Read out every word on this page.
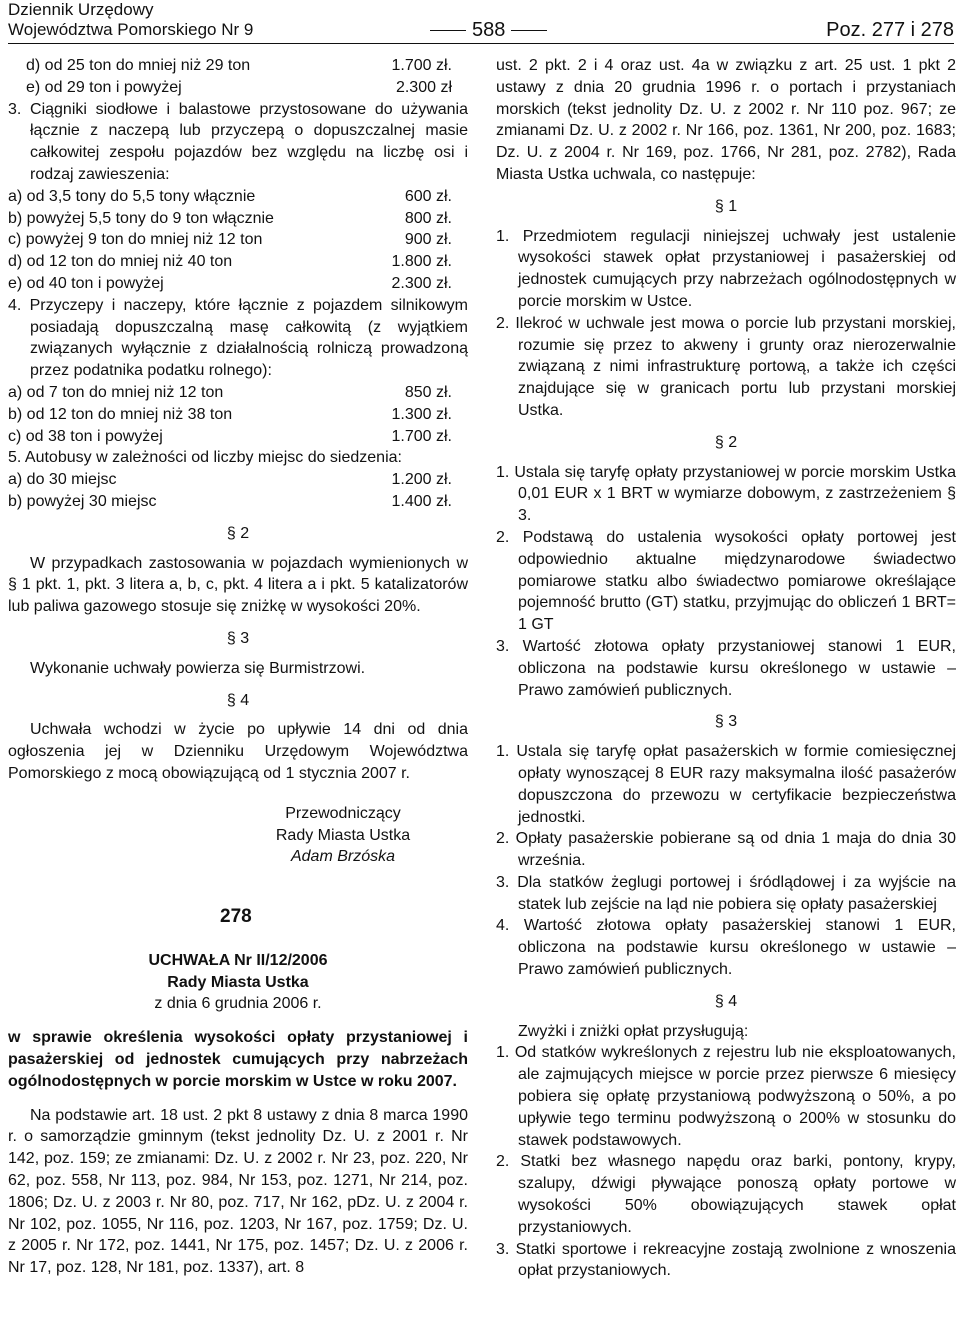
Dziennik Urzędowy
Województwa Pomorskiego Nr 9	588	Poz. 277 i 278
d) od 25 ton do mniej niż 29 ton	1.700 zł.
e) od 29 ton i powyżej	2.300 zł

3. Ciągniki siodłowe i balastowe przystosowane do używania łącznie z naczepą lub przyczepą o dopuszczalnej masie całkowitej zespołu pojazdów bez względu na liczbę osi i rodzaj zawieszenia:

a) od 3,5 tony do 5,5 tony włącznie	600 zł.
b) powyżej 5,5 tony do 9 ton włącznie	800 zł.
c) powyżej 9 ton do mniej niż 12 ton	900 zł.
d) od 12 ton do mniej niż 40 ton	1.800 zł.
e) od 40 ton i powyżej	2.300 zł.

4. Przyczepy i naczepy, które łącznie z pojazdem silnikowym posiadają dopuszczalną masę całkowitą (z wyjątkiem związanych wyłącznie z działalnością rolniczą prowadzoną przez podatnika podatku rolnego):

a) od 7 ton do mniej niż 12 ton	850 zł.
b) od 12 ton do mniej niż 38 ton	1.300 zł.
c) od 38 ton i powyżej	1.700 zł.

5. Autobusy w zależności od liczby miejsc do siedzenia:

a) do 30 miejsc	1.200 zł.
b) powyżej 30 miejsc	1.400 zł.
§ 2

W przypadkach zastosowania w pojazdach wymienionych w § 1 pkt. 1, pkt. 3 litera a, b, c, pkt. 4 litera a i pkt. 5 katalizatorów lub paliwa gazowego stosuje się zniżkę w wysokości 20%.

§ 3

Wykonanie uchwały powierza się Burmistrzowi.

§ 4

Uchwała wchodzi w życie po upływie 14 dni od dnia ogłoszenia jej w Dzienniku Urzędowym Województwa Pomorskiego z mocą obowiązującą od 1 stycznia 2007 r.

Przewodniczący
Rady Miasta Ustka
Adam Brzóska
278
UCHWAŁA Nr II/12/2006
Rady Miasta Ustka
z dnia 6 grudnia 2006 r.

w sprawie określenia wysokości opłaty przystaniowej i pasażerskiej od jednostek cumujących przy nabrzeżach ogólnodostępnych w porcie morskim w Ustce w roku 2007.

Na podstawie art. 18 ust. 2 pkt 8 ustawy z dnia 8 marca 1990 r. o samorządzie gminnym (tekst jednolity Dz. U. z 2001 r. Nr 142, poz. 159; ze zmianami: Dz. U. z 2002 r. Nr 23, poz. 220, Nr 62, poz. 558, Nr 113, poz. 984, Nr 153, poz. 1271, Nr 214, poz. 1806; Dz. U. z 2003 r. Nr 80, poz. 717, Nr 162, pDz. U. z 2004 r. Nr 102, poz. 1055, Nr 116, poz. 1203, Nr 167, poz. 1759; Dz. U. z 2005 r. Nr 172, poz. 1441, Nr 175, poz. 1457; Dz. U. z 2006 r. Nr 17, poz. 128, Nr 181, poz. 1337), art. 8

ust. 2 pkt. 2 i 4 oraz ust. 4a w związku z art. 25 ust. 1 pkt 2 ustawy z dnia 20 grudnia 1996 r. o portach i przystaniach morskich (tekst jednolity Dz. U. z 2002 r. Nr 110 poz. 967; ze zmianami Dz. U. z 2002 r. Nr 166, poz. 1361, Nr 200, poz. 1683; Dz. U. z 2004 r. Nr 169, poz. 1766, Nr 281, poz. 2782), Rada Miasta Ustka uchwala, co następuje:

§ 1
1. Przedmiotem regulacji niniejszej uchwały jest ustalenie wysokości stawek opłat przystaniowej i pasażerskiej od jednostek cumujących przy nabrzeżach ogólnodostępnych w porcie morskim w Ustce.
2. Ilekroć w uchwale jest mowa o porcie lub przystani morskiej, rozumie się przez to akweny i grunty oraz nierozerwalnie związaną z nimi infrastrukturę portową, a także ich części znajdujące się w granicach portu lub przystani morskiej Ustka.
§ 2
1. Ustala się taryfę opłaty przystaniowej w porcie morskim Ustka 0,01 EUR x 1 BRT w wymiarze dobowym, z zastrzeżeniem § 3.
2. Podstawą do ustalenia wysokości opłaty portowej jest odpowiednio aktualne międzynarodowe świadectwo pomiarowe statku albo świadectwo pomiarowe określające pojemność brutto (GT) statku, przyjmując do obliczeń 1 BRT= 1 GT
3. Wartość złotowa opłaty przystaniowej stanowi 1 EUR, obliczona na podstawie kursu określonego w ustawie – Prawo zamówień publicznych.
§ 3
1. Ustala się taryfę opłat pasażerskich w formie comiesięcznej opłaty wynoszącej 8 EUR razy maksymalna ilość pasażerów dopuszczona do przewozu w certyfikacie bezpieczeństwa jednostki.
2. Opłaty pasażerskie pobierane są od dnia 1 maja do dnia 30 września.
3. Dla statków żeglugi portowej i śródlądowej i za wyjście na statek lub zejście na ląd nie pobiera się opłaty pasażerskiej
4. Wartość złotowa opłaty pasażerskiej stanowi 1 EUR, obliczona na podstawie kursu określonego w ustawie – Prawo zamówień publicznych.
§ 4

Zwyżki i zniżki opłat przysługują:

1. Od statków wykreślonych z rejestru lub nie eksploatowanych, ale zajmujących miejsce w porcie przez pierwsze 6 miesięcy pobiera się opłatę przystaniową podwyższoną o 50%, a po upływie tego terminu podwyższoną o 200% w stosunku do stawek podstawowych.
2. Statki bez własnego napędu oraz barki, pontony, krypy, szalupy, dźwigi pływające ponoszą opłaty portowe w wysokości 50% obowiązujących stawek opłat przystaniowych.
3. Statki sportowe i rekreacyjne zostają zwolnione z wnoszenia opłat przystaniowych.
